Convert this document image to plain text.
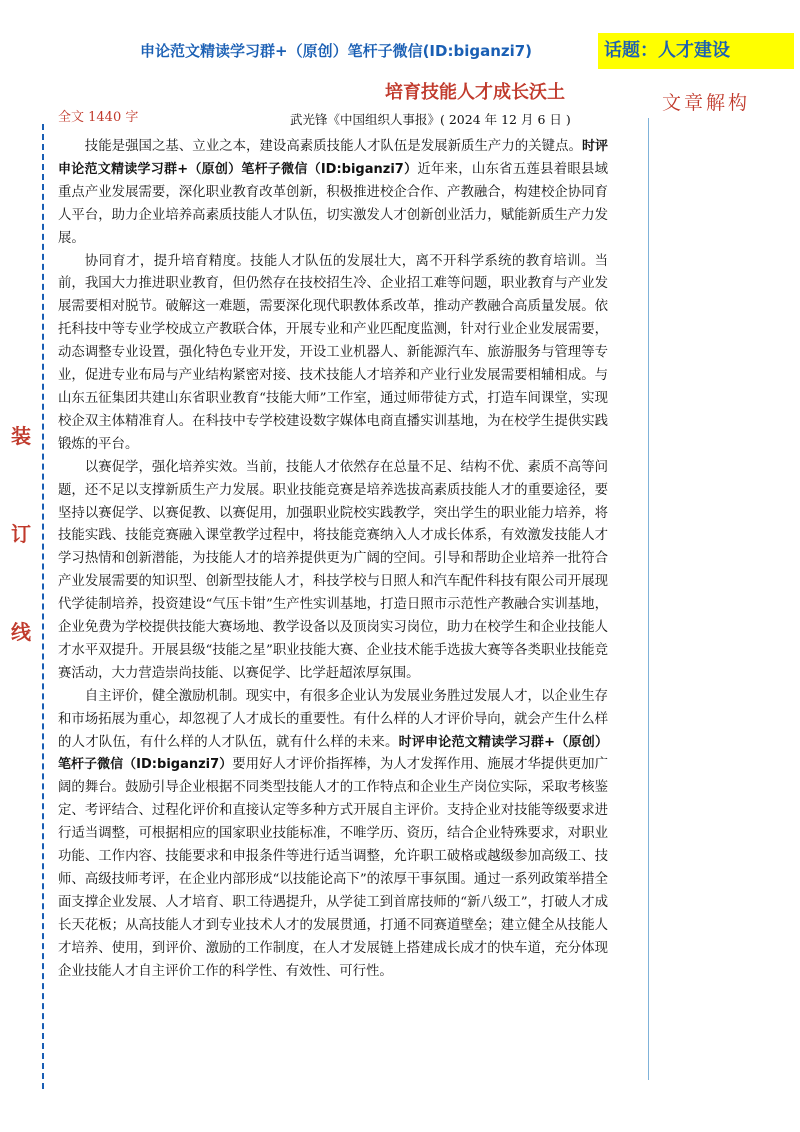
申论范文精读学习群+（原创）笔杆子微信(ID:biganzi7)	话题：人才建设
培育技能人才成长沃土	文章解构
全文 1440 字	武光锋《中国组织人事报》( 2024 年 12 月 6 日 )
装
订
线

技能是强国之基、立业之本，建设高素质技能人才队伍是发展新质生产力的关键点。时评申论范文精读学习群+（原创）笔杆子微信（ID:biganzi7）近年来，山东省五莲县着眼县域重点产业发展需要，深化职业教育改革创新，积极推进校企合作、产教融合，构建校企协同育人平台，助力企业培养高素质技能人才队伍，切实激发人才创新创业活力，赋能新质生产力发展。

协同育才，提升培育精度。技能人才队伍的发展壮大，离不开科学系统的教育培训。当前，我国大力推进职业教育，但仍然存在技校招生冷、企业招工难等问题，职业教育与产业发展需要相对脱节。破解这一难题，需要深化现代职教体系改革，推动产教融合高质量发展。依托科技中等专业学校成立产教联合体，开展专业和产业匹配度监测，针对行业企业发展需要，动态调整专业设置，强化特色专业开发，开设工业机器人、新能源汽车、旅游服务与管理等专业，促进专业布局与产业结构紧密对接、技术技能人才培养和产业行业发展需要相辅相成。与山东五征集团共建山东省职业教育“技能大师”工作室，通过师带徒方式，打造车间课堂，实现校企双主体精准育人。在科技中专学校建设数字媒体电商直播实训基地，为在校学生提供实践锻炼的平台。

以赛促学，强化培养实效。当前，技能人才依然存在总量不足、结构不优、素质不高等问题，还不足以支撑新质生产力发展。职业技能竞赛是培养选拔高素质技能人才的重要途径，要坚持以赛促学、以赛促教、以赛促用，加强职业院校实践教学，突出学生的职业能力培养，将技能实践、技能竞赛融入课堂教学过程中，将技能竞赛纳入人才成长体系，有效激发技能人才学习热情和创新潜能，为技能人才的培养提供更为广阔的空间。引导和帮助企业培养一批符合产业发展需要的知识型、创新型技能人才，科技学校与日照人和汽车配件科技有限公司开展现代学徒制培养，投资建设“气压卡钳”生产性实训基地，打造日照市示范性产教融合实训基地，企业免费为学校提供技能大赛场地、教学设备以及顶岗实习岗位，助力在校学生和企业技能人才水平双提升。开展县级“技能之星”职业技能大赛、企业技术能手选拔大赛等各类职业技能竞赛活动，大力营造崇尚技能、以赛促学、比学赶超浓厚氛围。

自主评价，健全激励机制。现实中，有很多企业认为发展业务胜过发展人才，以企业生存和市场拓展为重心，却忽视了人才成长的重要性。有什么样的人才评价导向，就会产生什么样的人才队伍，有什么样的人才队伍，就有什么样的未来。时评申论范文精读学习群+（原创）笔杆子微信（ID:biganzi7）要用好人才评价指挥棒，为人才发挥作用、施展才华提供更加广阔的舞台。鼓励引导企业根据不同类型技能人才的工作特点和企业生产岗位实际，采取考核鉴定、考评结合、过程化评价和直接认定等多种方式开展自主评价。支持企业对技能等级要求进行适当调整，可根据相应的国家职业技能标准，不唯学历、资历，结合企业特殊要求，对职业功能、工作内容、技能要求和申报条件等进行适当调整，允许职工破格或越级参加高级工、技师、高级技师考评，在企业内部形成“以技能论高下”的浓厚干事氛围。通过一系列政策举措全面支撑企业发展、人才培育、职工待遇提升，从学徒工到首席技师的“新八级工”，打破人才成长天花板；从高技能人才到专业技术人才的发展贯通，打通不同赛道壁垒；建立健全从技能人才培养、使用，到评价、激励的工作制度，在人才发展链上搭建成长成才的快车道，充分体现企业技能人才自主评价工作的科学性、有效性、可行性。
